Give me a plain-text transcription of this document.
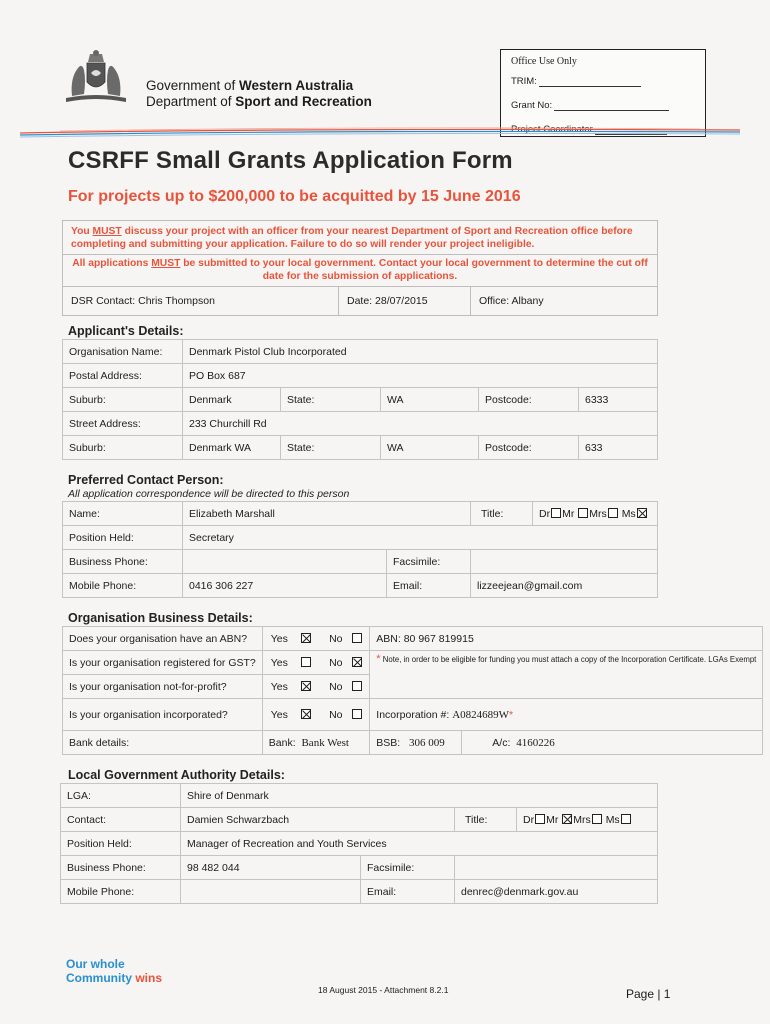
Government of Western Australia
Department of Sport and Recreation
Office Use Only
TRIM:
Grant No:
Project Coordinator
CSRFF Small Grants Application Form
For projects up to $200,000 to be acquitted by 15 June 2016
You MUST discuss your project with an officer from your nearest Department of Sport and Recreation office before completing and submitting your application. Failure to do so will render your project ineligible.
All applications MUST be submitted to your local government. Contact your local government to determine the cut off date for the submission of applications.
DSR Contact: Chris Thompson	Date: 28/07/2015	Office: Albany
Applicant's Details:
Organisation Name:	Denmark Pistol Club Incorporated				
Postal Address:	PO Box 687				
Suburb:	Denmark	State:	WA	Postcode:	6333
Street Address:	233 Churchill Rd				
Suburb:	Denmark WA	State:	WA	Postcode:	633
Preferred Contact Person:
All application correspondence will be directed to this person
Name:	Elizabeth Marshall		Title:	Dr Mr Mrs Ms
Position Held:	Secretary			
Business Phone:		Facsimile:		
Mobile Phone:	0416 306 227	Email:	lizzeejean@gmail.com	
Organisation Business Details:
Does your organisation have an ABN?	Yes No	ABN: 80 967 819915	
Is your organisation registered for GST?	Yes No	* Note, in order to be eligible for funding you must attach a copy of the Incorporation Certificate. LGAs Exempt	
Is your organisation not-for-profit?	Yes No		
Is your organisation incorporated?	Yes No	Incorporation #: A0824689W*	
Bank details:	Bank: Bank West	BSB: 306 009	A/c: 4160226
Local Government Authority Details:
LGA:	Shire of Denmark			
Contact:	Damien Schwarzbach		Title:	Dr Mr Mrs Ms
Position Held:	Manager of Recreation and Youth Services			
Business Phone:	98 482 044	Facsimile:		
Mobile Phone:		Email:	denrec@denmark.gov.au	
Our whole
Community wins
18 August 2015 - Attachment 8.2.1	Page | 1
